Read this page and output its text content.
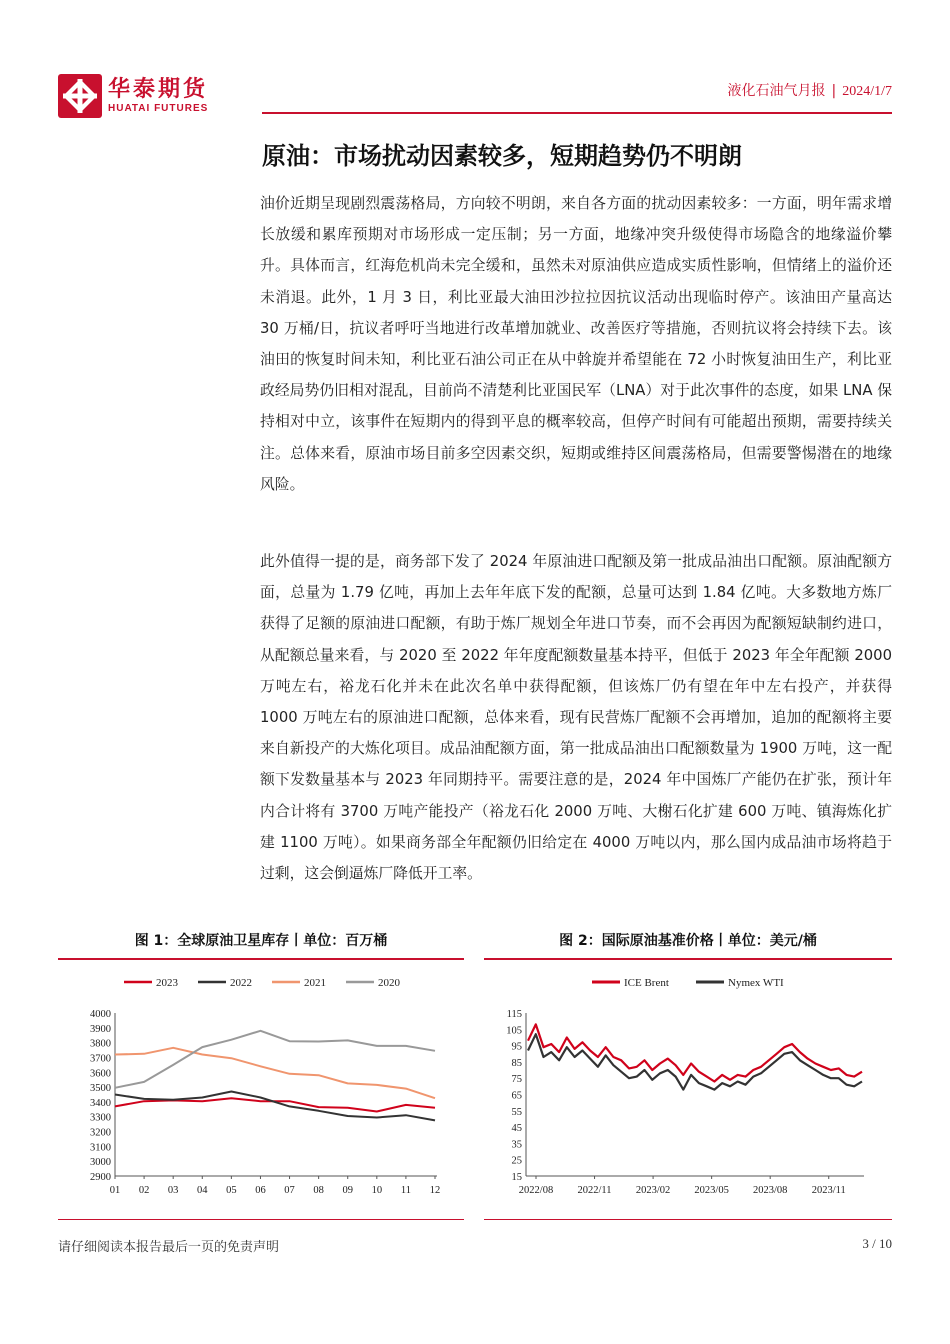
华泰期货
HUATAI FUTURES
液化石油气月报 | 2024/1/7
原油：市场扰动因素较多，短期趋势仍不明朗

油价近期呈现剧烈震荡格局，方向较不明朗，来自各方面的扰动因素较多：一方面，明年需求增长放缓和累库预期对市场形成一定压制；另一方面，地缘冲突升级使得市场隐含的地缘溢价攀升。具体而言，红海危机尚未完全缓和，虽然未对原油供应造成实质性影响，但情绪上的溢价还未消退。此外，1 月 3 日，利比亚最大油田沙拉拉因抗议活动出现临时停产。该油田产量高达 30 万桶/日，抗议者呼吁当地进行改革增加就业、改善医疗等措施，否则抗议将会持续下去。该油田的恢复时间未知，利比亚石油公司正在从中斡旋并希望能在 72 小时恢复油田生产，利比亚政经局势仍旧相对混乱，目前尚不清楚利比亚国民军（LNA）对于此次事件的态度，如果 LNA 保持相对中立，该事件在短期内的得到平息的概率较高，但停产时间有可能超出预期，需要持续关注。总体来看，原油市场目前多空因素交织，短期或维持区间震荡格局，但需要警惕潜在的地缘风险。

此外值得一提的是，商务部下发了 2024 年原油进口配额及第一批成品油出口配额。原油配额方面，总量为 1.79 亿吨，再加上去年年底下发的配额，总量可达到 1.84 亿吨。大多数地方炼厂获得了足额的原油进口配额，有助于炼厂规划全年进口节奏，而不会再因为配额短缺制约进口，从配额总量来看，与 2020 至 2022 年年度配额数量基本持平，但低于 2023 年全年配额 2000 万吨左右，裕龙石化并未在此次名单中获得配额，但该炼厂仍有望在年中左右投产，并获得 1000 万吨左右的原油进口配额，总体来看，现有民营炼厂配额不会再增加，追加的配额将主要来自新投产的大炼化项目。成品油配额方面，第一批成品油出口配额数量为 1900 万吨，这一配额下发数量基本与 2023 年同期持平。需要注意的是，2024 年中国炼厂产能仍在扩张，预计年内合计将有 3700 万吨产能投产（裕龙石化 2000 万吨、大榭石化扩建 600 万吨、镇海炼化扩建 1100 万吨）。如果商务部全年配额仍旧给定在 4000 万吨以内，那么国内成品油市场将趋于过剩，这会倒逼炼厂降低开工率。

图 1：全球原油卫星库存丨单位：百万桶	图 2：国际原油基准价格丨单位：美元/桶
2900
3000
3100
3200
3300
3400
3500
3600
3700
3800
3900
4000
01 02 03 04 05 06 07 08 09 10 11 12
2023	2022	2021	2020
15
25
35
45
55
65
75
85
95
105
115
2022/08 2022/11 2023/02 2023/05 2023/08 2023/11
ICE Brent	Nymex WTI
请仔细阅读本报告最后一页的免责声明	3 / 10
